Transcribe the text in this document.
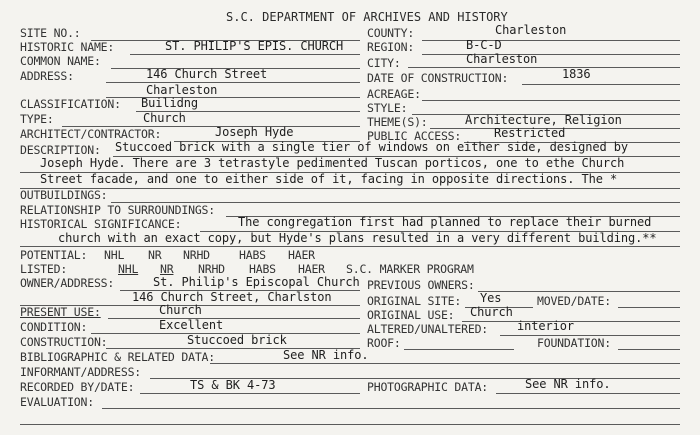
S.C. DEPARTMENT OF ARCHIVES AND HISTORY
SITE NO.:	COUNTY:	Charleston
HISTORIC NAME:	ST. PHILIP'S EPIS. CHURCH REGION:	B-C-D
COMMON NAME:	CITY:	Charleston
ADDRESS:	146 Church Street
Charleston
DATE OF CONSTRUCTION:	1836
ACREAGE:
CLASSIFICATION: Builidng	STYLE:
TYPE:	Church	THEME(S):	Architecture, Religion
ARCHITECT/CONTRACTOR:	Joseph Hyde	PUBLIC ACCESS:	Restricted
DESCRIPTION: Stuccoed brick with a single tier of windows on either side, designed by
Joseph Hyde. There are 3 tetrastyle pedimented Tuscan porticos, one to ethe Church
Street facade, and one to either side of it, facing in opposite directions. The *
OUTBUILDINGS:
RELATIONSHIP TO SURROUNDINGS:
HISTORICAL SIGNIFICANCE:	The congregation first had planned to replace their burned
church with an exact copy, but Hyde's plans resulted in a very different building.**
POTENTIAL: NHL NR NRHD	HABS HAER
LISTED:	NHL NR NRHD HABS HAER S.C. MARKER PROGRAM
OWNER/ADDRESS:	St. Philip's Episcopal Church
146 Church Street, Charlston
PREVIOUS OWNERS:
ORIGINAL SITE: Yes	MOVED/DATE:
PRESENT USE:	Church	ORIGINAL USE: Church
CONDITION:	Excellent	ALTERED/UNALTERED: interior
CONSTRUCTION:	Stuccoed brick	ROOF:	FOUNDATION:
BIBLIOGRAPHIC & RELATED DATA:	See NR info.
INFORMANT/ADDRESS:
RECORDED BY/DATE:	TS & BK 4-73	PHOTOGRAPHIC DATA:	See NR info.
EVALUATION:
